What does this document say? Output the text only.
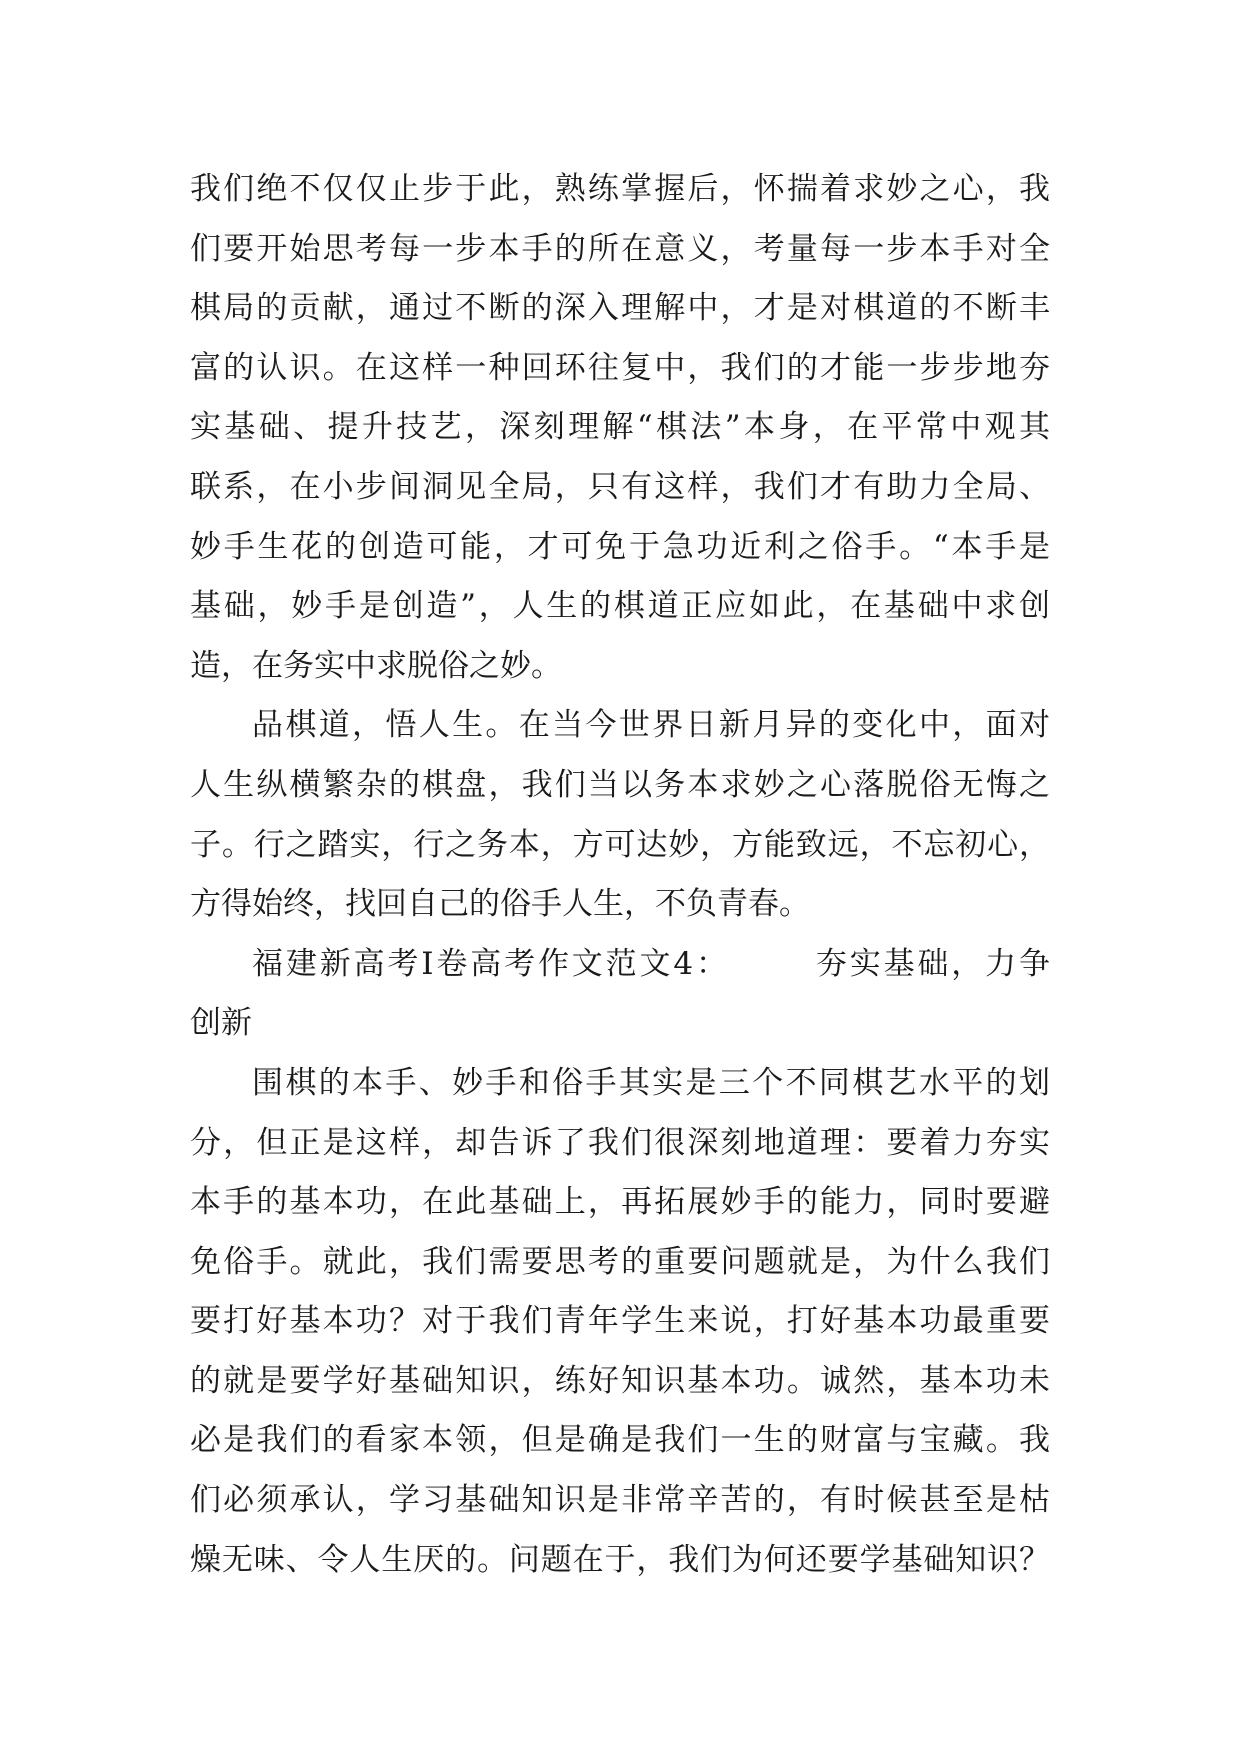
我们绝不仅仅止步于此，熟练掌握后，怀揣着求妙之心，我
们要开始思考每一步本手的所在意义，考量每一步本手对全
棋局的贡献，通过不断的深入理解中，才是对棋道的不断丰
富的认识。在这样一种回环往复中，我们的才能一步步地夯
实基础、提升技艺，深刻理解“棋法”本身，在平常中观其
联系，在小步间洞见全局，只有这样，我们才有助力全局、
妙手生花的创造可能，才可免于急功近利之俗手。“本手是
基础，妙手是创造”，人生的棋道正应如此，在基础中求创
造，在务实中求脱俗之妙。
品棋道，悟人生。在当今世界日新月异的变化中，面对
人生纵横繁杂的棋盘，我们当以务本求妙之心落脱俗无悔之
子。行之踏实，行之务本，方可达妙，方能致远，不忘初心，
方得始终，找回自己的俗手人生，不负青春。
福建新高考Ⅰ卷高考作文范文4：　　　夯实基础，力争
创新
围棋的本手、妙手和俗手其实是三个不同棋艺水平的划
分，但正是这样，却告诉了我们很深刻地道理：要着力夯实
本手的基本功，在此基础上，再拓展妙手的能力，同时要避
免俗手。就此，我们需要思考的重要问题就是，为什么我们
要打好基本功？对于我们青年学生来说，打好基本功最重要
的就是要学好基础知识，练好知识基本功。诚然，基本功未
必是我们的看家本领，但是确是我们一生的财富与宝藏。我
们必须承认，学习基础知识是非常辛苦的，有时候甚至是枯
燥无味、令人生厌的。问题在于，我们为何还要学基础知识？
